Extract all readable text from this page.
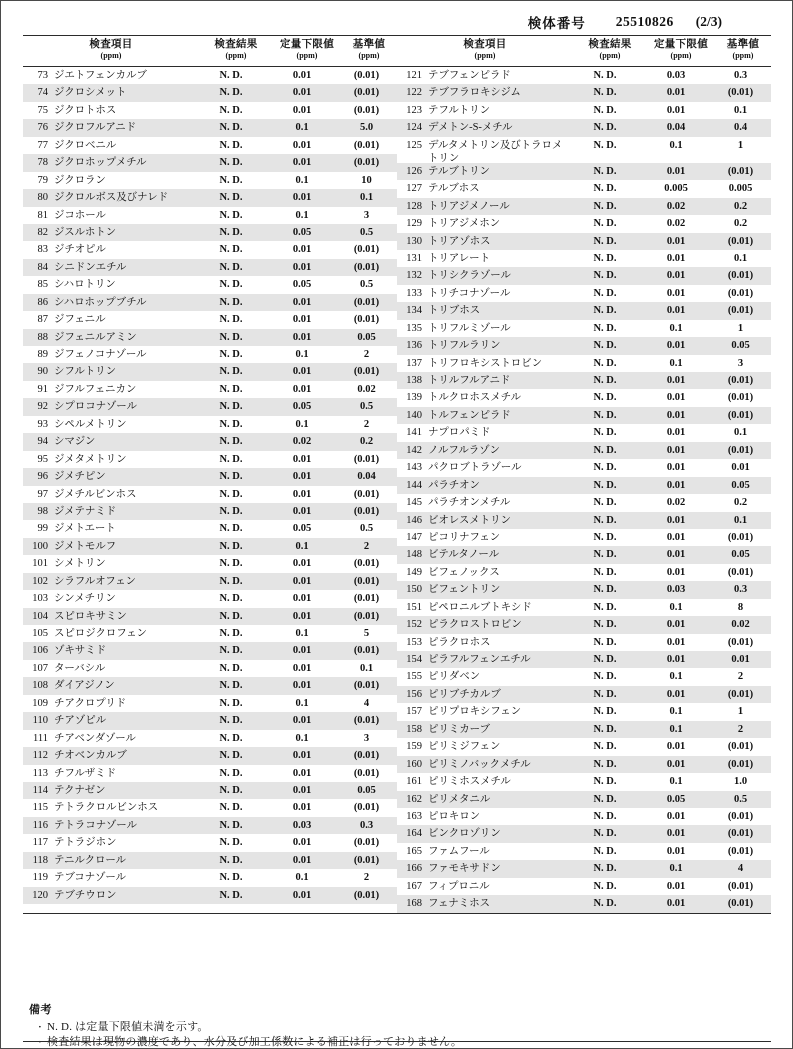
検体番号 25510826 (2/3)
検査項目
(ppm)
検査結果
(ppm)
定量下限値
(ppm)
基準値
(ppm)
検査項目
(ppm)
検査結果
(ppm)
定量下限値
(ppm)
基準値
(ppm)
73 ジエトフェンカルブ	N. D.	0.01	(0.01)
74 ジクロシメット	N. D.	0.01	(0.01)
75 ジクロトホス	N. D.	0.01	(0.01)
76 ジクロフルアニド	N. D.	0.1	5.0
77 ジクロベニル	N. D.	0.01	(0.01)
78 ジクロホップメチル	N. D.	0.01	(0.01)
79 ジクロラン	N. D.	0.1	10
80 ジクロルボス及びナレド	N. D.	0.01	0.1
81 ジコホール	N. D.	0.1	3
82 ジスルホトン	N. D.	0.05	0.5
83 ジチオピル	N. D.	0.01	(0.01)
84 シニドンエチル	N. D.	0.01	(0.01)
85 シハロトリン	N. D.	0.05	0.5
86 シハロホップブチル	N. D.	0.01	(0.01)
87 ジフェニル	N. D.	0.01	(0.01)
88 ジフェニルアミン	N. D.	0.01	0.05
89 ジフェノコナゾール	N. D.	0.1	2
90 シフルトリン	N. D.	0.01	(0.01)
91 ジフルフェニカン	N. D.	0.01	0.02
92 シプロコナゾール	N. D.	0.05	0.5
93 シペルメトリン	N. D.	0.1	2
94 シマジン	N. D.	0.02	0.2
95 ジメタメトリン	N. D.	0.01	(0.01)
96 ジメチピン	N. D.	0.01	0.04
97 ジメチルビンホス	N. D.	0.01	(0.01)
98 ジメテナミド	N. D.	0.01	(0.01)
99 ジメトエート	N. D.	0.05	0.5
100 ジメトモルフ	N. D.	0.1	2
101 シメトリン	N. D.	0.01	(0.01)
102 シラフルオフェン	N. D.	0.01	(0.01)
103 シンメチリン	N. D.	0.01	(0.01)
104 スピロキサミン	N. D.	0.01	(0.01)
105 スピロジクロフェン	N. D.	0.1	5
106 ゾキサミド	N. D.	0.01	(0.01)
107 ターバシル	N. D.	0.01	0.1
108 ダイアジノン	N. D.	0.01	(0.01)
109 チアクロプリド	N. D.	0.1	4
110 チアゾピル	N. D.	0.01	(0.01)
111 チアベンダゾール	N. D.	0.1	3
112 チオベンカルブ	N. D.	0.01	(0.01)
113 チフルザミド	N. D.	0.01	(0.01)
114 テクナゼン	N. D.	0.01	0.05
115 テトラクロルビンホス	N. D.	0.01	(0.01)
116 テトラコナゾール	N. D.	0.03	0.3
117 テトラジホン	N. D.	0.01	(0.01)
118 テニルクロール	N. D.	0.01	(0.01)
119 テブコナゾール	N. D.	0.1	2
120 テブチウロン	N. D.	0.01	(0.01)
121 テブフェンピラド	N. D.	0.03	0.3
122 テブフラロキシジム	N. D.	0.01	(0.01)
123 テフルトリン	N. D.	0.01	0.1
124 デメトン-S-メチル	N. D.	0.04	0.4
125 デルタメトリン及びトラロメトリン
N. D.	0.1	1
126 テルブトリン	N. D.	0.01	(0.01)
127 テルブホス	N. D.	0.005	0.005
128 トリアジメノール	N. D.	0.02	0.2
129 トリアジメホン	N. D.	0.02	0.2
130 トリアゾホス	N. D.	0.01	(0.01)
131 トリアレート	N. D.	0.01	0.1
132 トリシクラゾール	N. D.	0.01	(0.01)
133 トリチコナゾール	N. D.	0.01	(0.01)
134 トリブホス	N. D.	0.01	(0.01)
135 トリフルミゾール	N. D.	0.1	1
136 トリフルラリン	N. D.	0.01	0.05
137 トリフロキシストロビン	N. D.	0.1	3
138 トリルフルアニド	N. D.	0.01	(0.01)
139 トルクロホスメチル	N. D.	0.01	(0.01)
140 トルフェンピラド	N. D.	0.01	(0.01)
141 ナプロパミド	N. D.	0.01	0.1
142 ノルフルラゾン	N. D.	0.01	(0.01)
143 パクロブトラゾール	N. D.	0.01	0.01
144 パラチオン	N. D.	0.01	0.05
145 パラチオンメチル	N. D.	0.02	0.2
146 ビオレスメトリン	N. D.	0.01	0.1
147 ピコリナフェン	N. D.	0.01	(0.01)
148 ビテルタノール	N. D.	0.01	0.05
149 ビフェノックス	N. D.	0.01	(0.01)
150 ビフェントリン	N. D.	0.03	0.3
151 ピペロニルブトキシド	N. D.	0.1	8
152 ピラクロストロビン	N. D.	0.01	0.02
153 ピラクロホス	N. D.	0.01	(0.01)
154 ピラフルフェンエチル	N. D.	0.01	0.01
155 ピリダベン	N. D.	0.1	2
156 ピリブチカルブ	N. D.	0.01	(0.01)
157 ピリプロキシフェン	N. D.	0.1	1
158 ピリミカーブ	N. D.	0.1	2
159 ピリミジフェン	N. D.	0.01	(0.01)
160 ピリミノバックメチル	N. D.	0.01	(0.01)
161 ピリミホスメチル	N. D.	0.1	1.0
162 ピリメタニル	N. D.	0.05	0.5
163 ピロキロン	N. D.	0.01	(0.01)
164 ビンクロゾリン	N. D.	0.01	(0.01)
165 ファムフール	N. D.	0.01	(0.01)
166 ファモキサドン	N. D.	0.1	4
167 フィプロニル	N. D.	0.01	(0.01)
168 フェナミホス	N. D.	0.01	(0.01)
備考
・ N. D. は定量下限値未満を示す。
・ 検査結果は現物の濃度であり、水分及び加工係数による補正は行っておりません。
